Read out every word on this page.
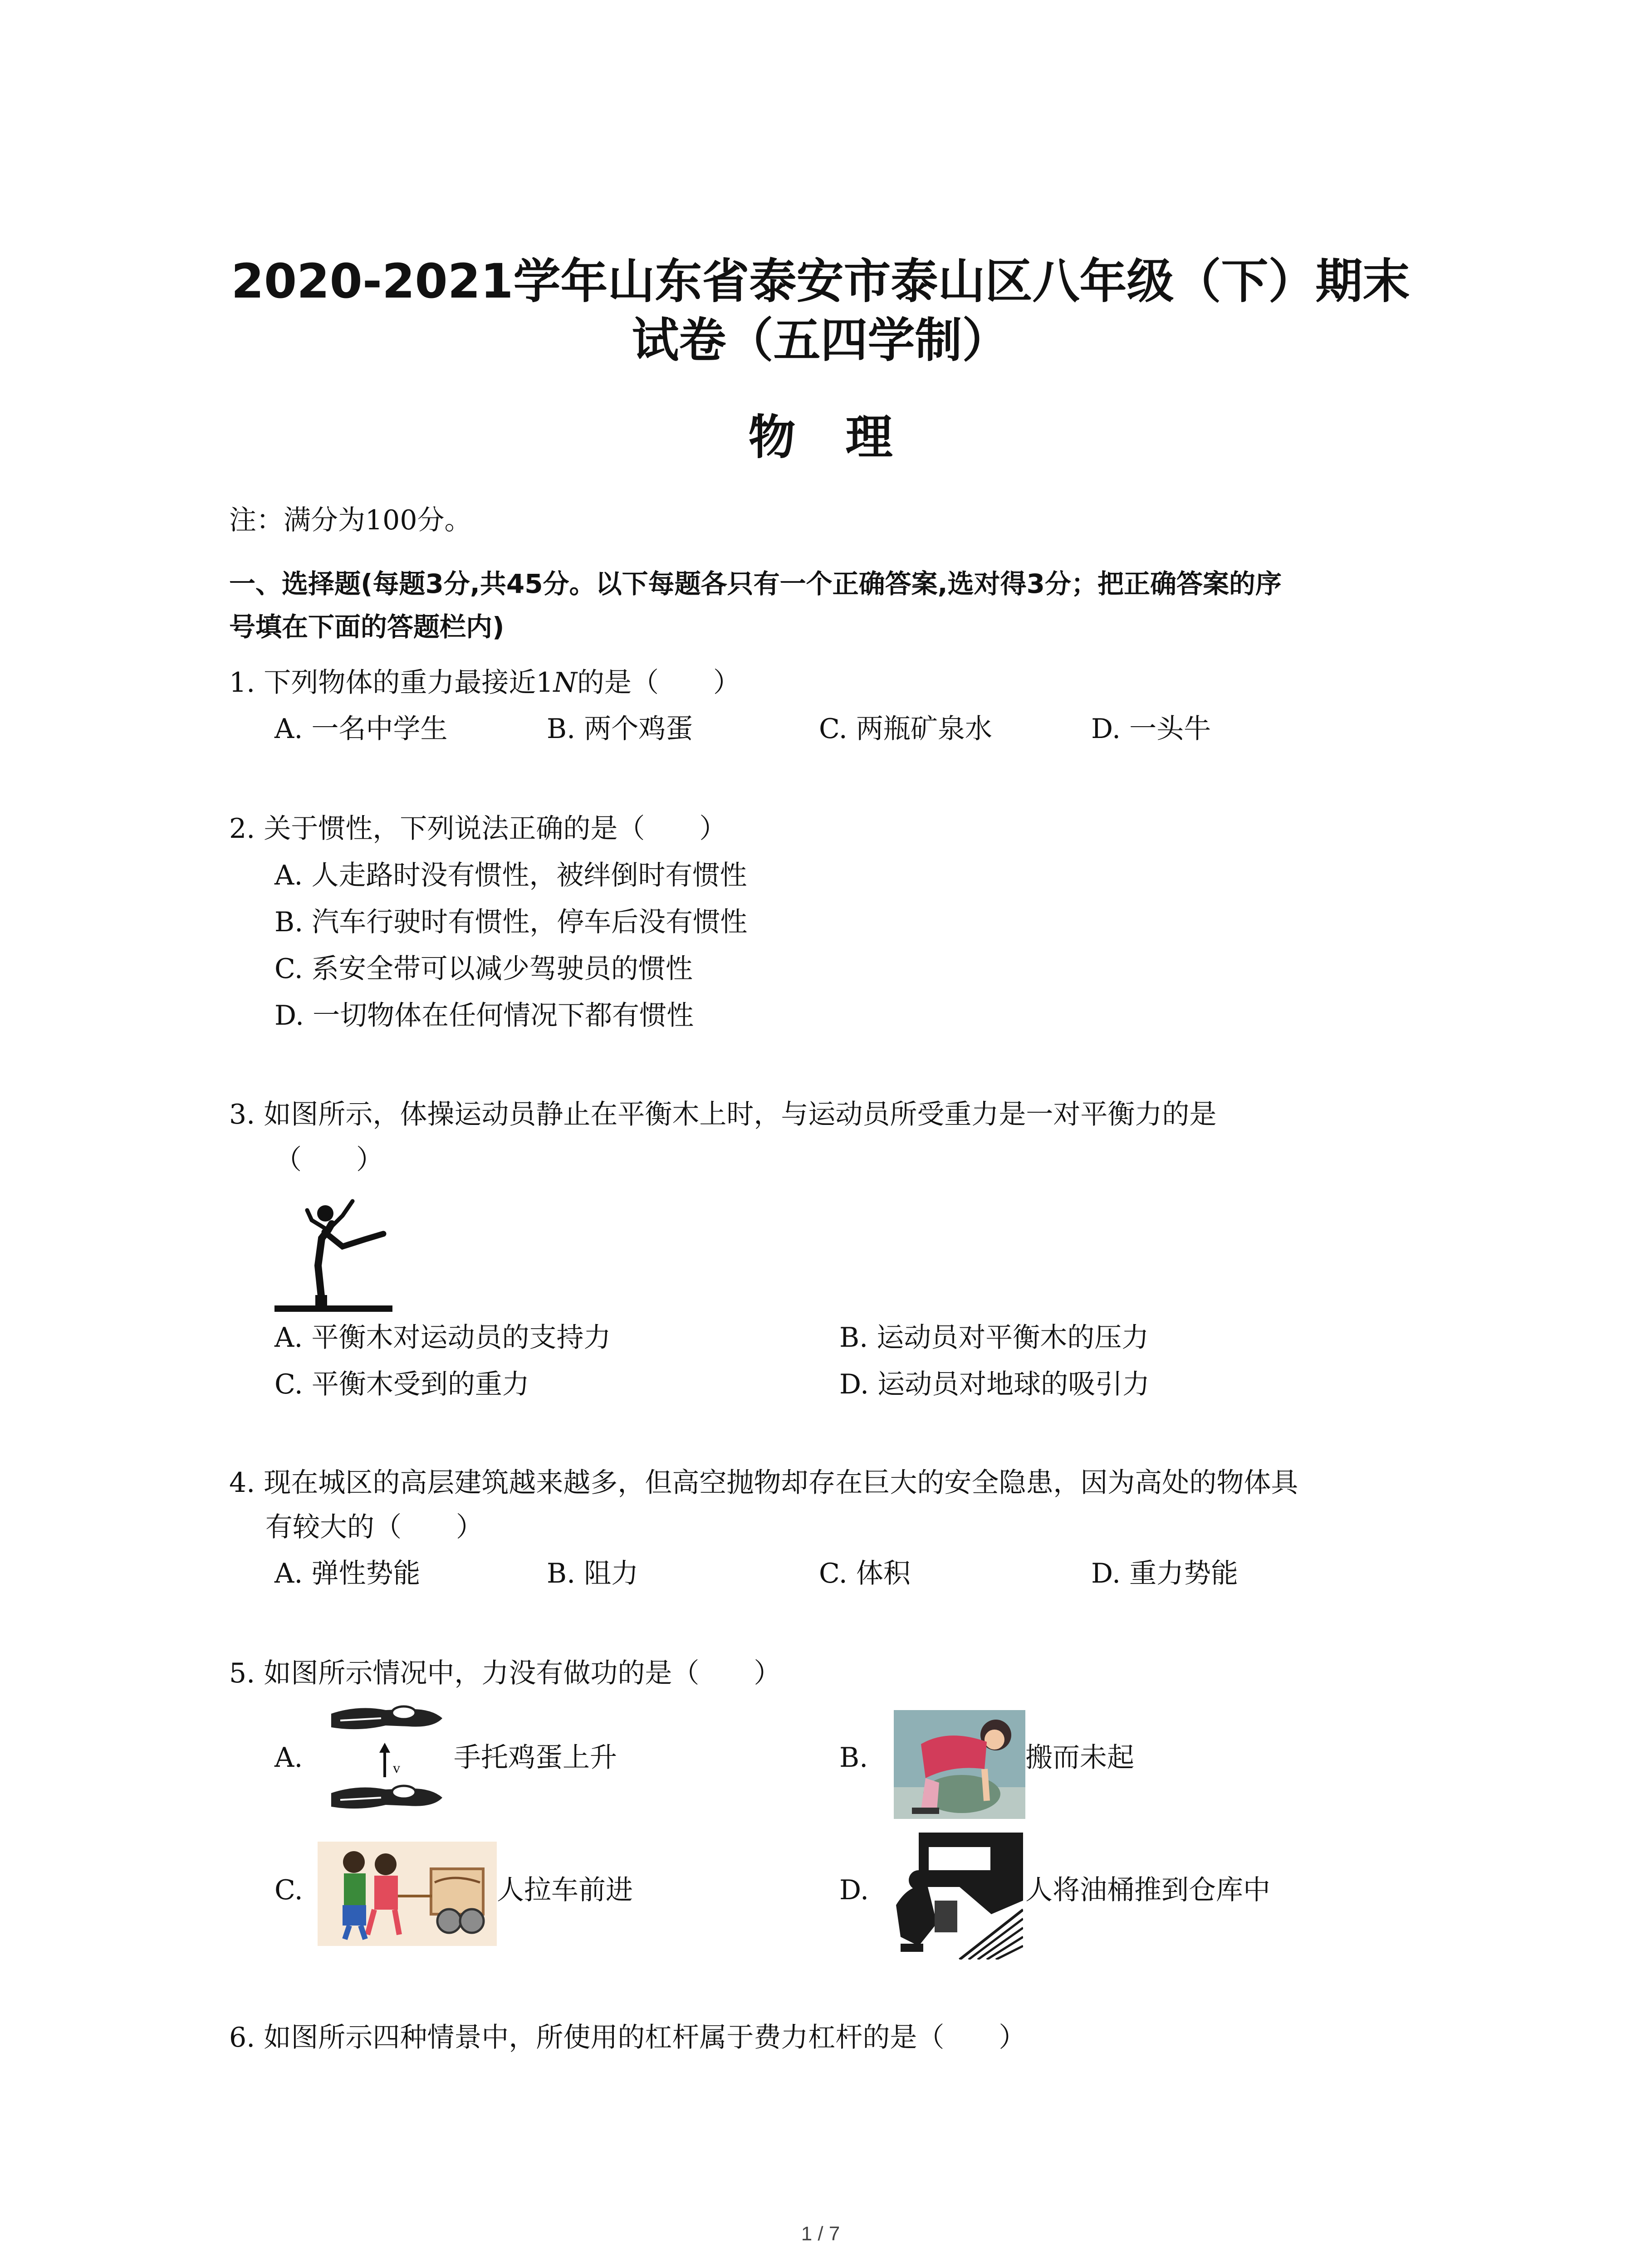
2020-2021学年山东省泰安市泰山区八年级（下）期末
试卷（五四学制）
物理
注：满分为100分。
一、选择题(每题3分,共45分。以下每题各只有一个正确答案,选对得3分；把正确答案的序
号填在下面的答题栏内)
1. 下列物体的重力最接近1N的是（　　）
A. 一名中学生	B. 两个鸡蛋	C. 两瓶矿泉水	D. 一头牛
2. 关于惯性，下列说法正确的是（　　）
A. 人走路时没有惯性，被绊倒时有惯性
B. 汽车行驶时有惯性，停车后没有惯性
C. 系安全带可以减少驾驶员的惯性
D. 一切物体在任何情况下都有惯性
3. 如图所示，体操运动员静止在平衡木上时，与运动员所受重力是一对平衡力的是
（　　）
A. 平衡木对运动员的支持力	B. 运动员对平衡木的压力
C. 平衡木受到的重力	D. 运动员对地球的吸引力
4. 现在城区的高层建筑越来越多，但高空抛物却存在巨大的安全隐患，因为高处的物体具
有较大的（　　）
A. 弹性势能	B. 阻力	C. 体积	D. 重力势能
5. 如图所示情况中，力没有做功的是（　　）
A.	v 手托鸡蛋上升	B.	搬而未起
C.	人拉车前进	D.	人将油桶推到仓库中
6. 如图所示四种情景中，所使用的杠杆属于费力杠杆的是（　　）
1 / 7
